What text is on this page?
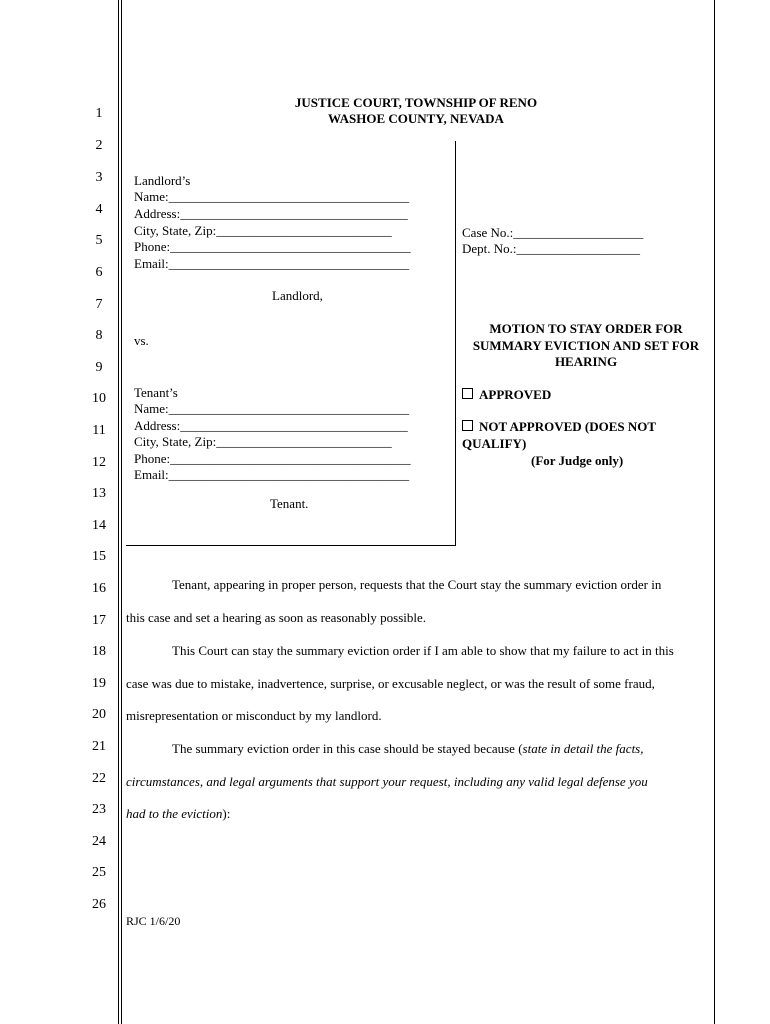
1
2
3
4
5
6
7
8
9
10
11
12
13
14
15
16
17
18
19
20
21
22
23
24
25
26
JUSTICE COURT, TOWNSHIP OF RENO
WASHOE COUNTY, NEVADA
Landlord’s
Name:_____________________________________
Address:___________________________________
City, State, Zip:___________________________
Phone:_____________________________________
Email:_____________________________________
Landlord,
vs.
Tenant’s
Name:_____________________________________
Address:___________________________________
City, State, Zip:___________________________
Phone:_____________________________________
Email:_____________________________________
Tenant.
Case No.:____________________
Dept. No.:___________________
MOTION TO STAY ORDER FOR
SUMMARY EVICTION AND SET FOR
HEARING
APPROVED
NOT APPROVED (DOES NOT
QUALIFY)
(For Judge only)
Tenant, appearing in proper person, requests that the Court stay the summary eviction order in
this case and set a hearing as soon as reasonably possible.
This Court can stay the summary eviction order if I am able to show that my failure to act in this
case was due to mistake, inadvertence, surprise, or excusable neglect, or was the result of some fraud,
misrepresentation or misconduct by my landlord.
The summary eviction order in this case should be stayed because (state in detail the facts,
circumstances, and legal arguments that support your request, including any valid legal defense you
had to the eviction):
RJC 1/6/20
